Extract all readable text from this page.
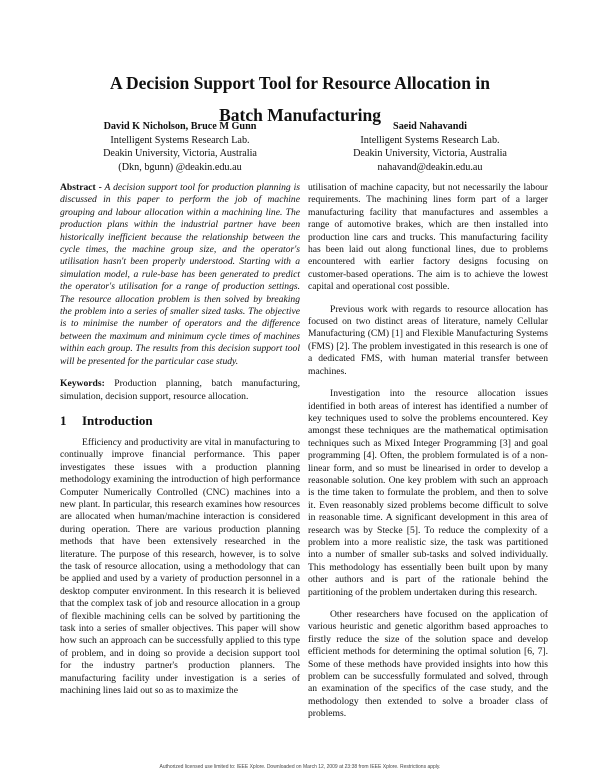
A Decision Support Tool for Resource Allocation in
Batch Manufacturing
David K Nicholson, Bruce M Gunn
Intelligent Systems Research Lab.
Deakin University, Victoria, Australia
(Dkn, bgunn) @deakin.edu.au
Saeid Nahavandi
Intelligent Systems Research Lab.
Deakin University, Victoria, Australia
nahavand@deakin.edu.au

Abstract - A decision support tool for production planning is discussed in this paper to perform the job of machine grouping and labour allocation within a machining line. The production plans within the industrial partner have been historically inefficient because the relationship between the cycle times, the machine group size, and the operator's utilisation hasn't been properly understood. Starting with a simulation model, a rule-base has been generated to predict the operator's utilisation for a range of production settings. The resource allocation problem is then solved by breaking the problem into a series of smaller sized tasks. The objective is to minimise the number of operators and the difference between the maximum and minimum cycle times of machines within each group. The results from this decision support tool will be presented for the particular case study.

Keywords: Production planning, batch manufacturing, simulation, decision support, resource allocation.

1 Introduction

Efficiency and productivity are vital in manufacturing to continually improve financial performance. This paper investigates these issues with a production planning methodology examining the introduction of high performance Computer Numerically Controlled (CNC) machines into a new plant. In particular, this research examines how resources are allocated when human/machine interaction is considered during operation. There are various production planning methods that have been extensively researched in the literature. The purpose of this research, however, is to solve the task of resource allocation, using a methodology that can be applied and used by a variety of production personnel in a desktop computer environment. In this research it is believed that the complex task of job and resource allocation in a group of flexible machining cells can be solved by partitioning the task into a series of smaller objectives. This paper will show how such an approach can be successfully applied to this type of problem, and in doing so provide a decision support tool for the industry partner's production planners. The manufacturing facility under investigation is a series of machining lines laid out so as to maximize the

utilisation of machine capacity, but not necessarily the labour requirements. The machining lines form part of a larger manufacturing facility that manufactures and assembles a range of automotive brakes, which are then installed into production line cars and trucks. This manufacturing facility has been laid out along functional lines, due to problems encountered with earlier factory designs focusing on customer-based operations. The aim is to achieve the lowest capital and operational cost possible.

Previous work with regards to resource allocation has focused on two distinct areas of literature, namely Cellular Manufacturing (CM) [1] and Flexible Manufacturing Systems (FMS) [2]. The problem investigated in this research is one of a dedicated FMS, with human material transfer between machines.

Investigation into the resource allocation issues identified in both areas of interest has identified a number of key techniques used to solve the problems encountered. Key amongst these techniques are the mathematical optimisation techniques such as Mixed Integer Programming [3] and goal programming [4]. Often, the problem formulated is of a non-linear form, and so must be linearised in order to develop a reasonable solution. One key problem with such an approach is the time taken to formulate the problem, and then to solve it. Even reasonably sized problems become difficult to solve in reasonable time. A significant development in this area of research was by Stecke [5]. To reduce the complexity of a problem into a more realistic size, the task was partitioned into a number of smaller sub-tasks and solved individually. This methodology has essentially been built upon by many other authors and is part of the rationale behind the partitioning of the problem undertaken during this research.

Other researchers have focused on the application of various heuristic and genetic algorithm based approaches to firstly reduce the size of the solution space and develop efficient methods for determining the optimal solution [6, 7]. Some of these methods have provided insights into how this problem can be successfully formulated and solved, through an examination of the specifics of the case study, and the methodology then extended to solve a broader class of problems.

Authorized licensed use limited to: IEEE Xplore. Downloaded on March 12, 2009 at 23:38 from IEEE Xplore. Restrictions apply.
